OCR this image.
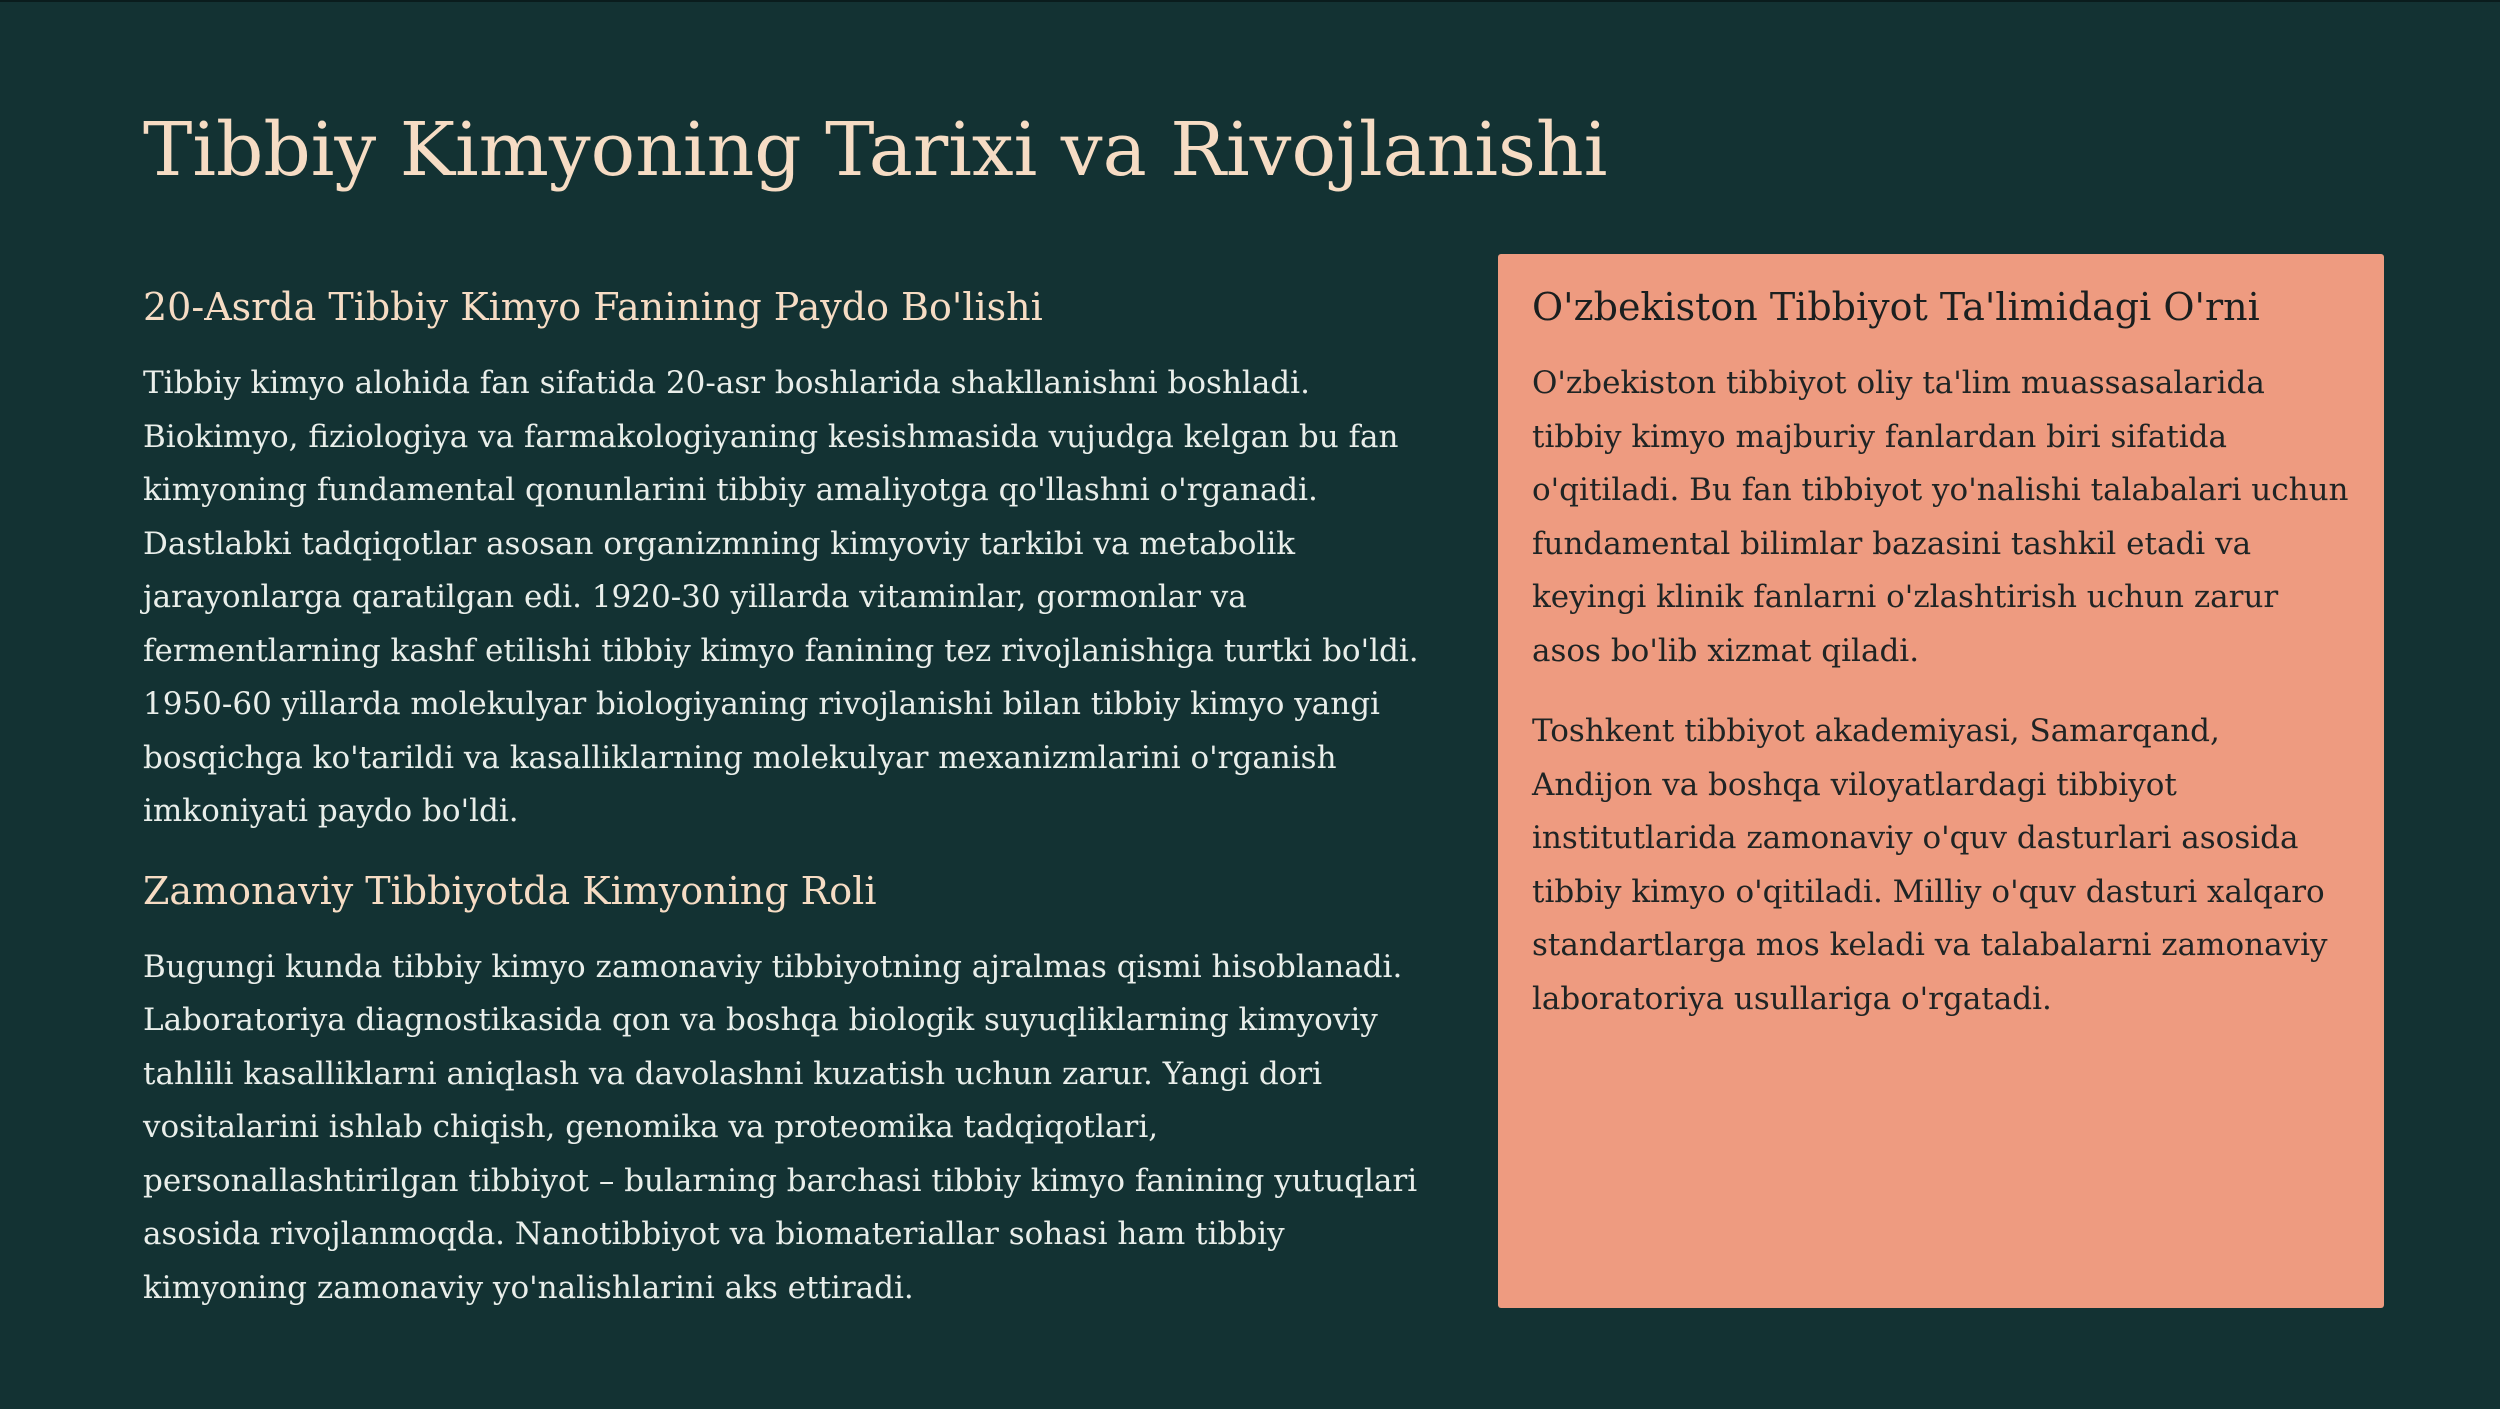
Tibbiy Kimyoning Tarixi va Rivojlanishi
20-Asrda Tibbiy Kimyo Fanining Paydo Bo'lishi

Tibbiy kimyo alohida fan sifatida 20-asr boshlarida shakllanishni boshladi. Biokimyo, fiziologiya va farmakologiyaning kesishmasida vujudga kelgan bu fan kimyoning fundamental qonunlarini tibbiy amaliyotga qo'llashni o'rganadi. Dastlabki tadqiqotlar asosan organizmning kimyoviy tarkibi va metabolik jarayonlarga qaratilgan edi. 1920-30 yillarda vitaminlar, gormonlar va fermentlarning kashf etilishi tibbiy kimyo fanining tez rivojlanishiga turtki bo'ldi. 1950-60 yillarda molekulyar biologiyaning rivojlanishi bilan tibbiy kimyo yangi bosqichga ko'tarildi va kasalliklarning molekulyar mexanizmlarini o'rganish imkoniyati paydo bo'ldi.

Zamonaviy Tibbiyotda Kimyoning Roli

Bugungi kunda tibbiy kimyo zamonaviy tibbiyotning ajralmas qismi hisoblanadi. Laboratoriya diagnostikasida qon va boshqa biologik suyuqliklarning kimyoviy tahlili kasalliklarni aniqlash va davolashni kuzatish uchun zarur. Yangi dori vositalarini ishlab chiqish, genomika va proteomika tadqiqotlari, personallashtirilgan tibbiyot – bularning barchasi tibbiy kimyo fanining yutuqlari asosida rivojlanmoqda. Nanotibbiyot va biomateriallar sohasi ham tibbiy kimyoning zamonaviy yo'nalishlarini aks ettiradi.

O'zbekiston Tibbiyot Ta'limidagi O'rni

O'zbekiston tibbiyot oliy ta'lim muassasalarida tibbiy kimyo majburiy fanlardan biri sifatida o'qitiladi. Bu fan tibbiyot yo'nalishi talabalari uchun fundamental bilimlar bazasini tashkil etadi va keyingi klinik fanlarni o'zlashtirish uchun zarur asos bo'lib xizmat qiladi.

Toshkent tibbiyot akademiyasi, Samarqand, Andijon va boshqa viloyatlardagi tibbiyot institutlarida zamonaviy o'quv dasturlari asosida tibbiy kimyo o'qitiladi. Milliy o'quv dasturi xalqaro standartlarga mos keladi va talabalarni zamonaviy laboratoriya usullariga o'rgatadi.
